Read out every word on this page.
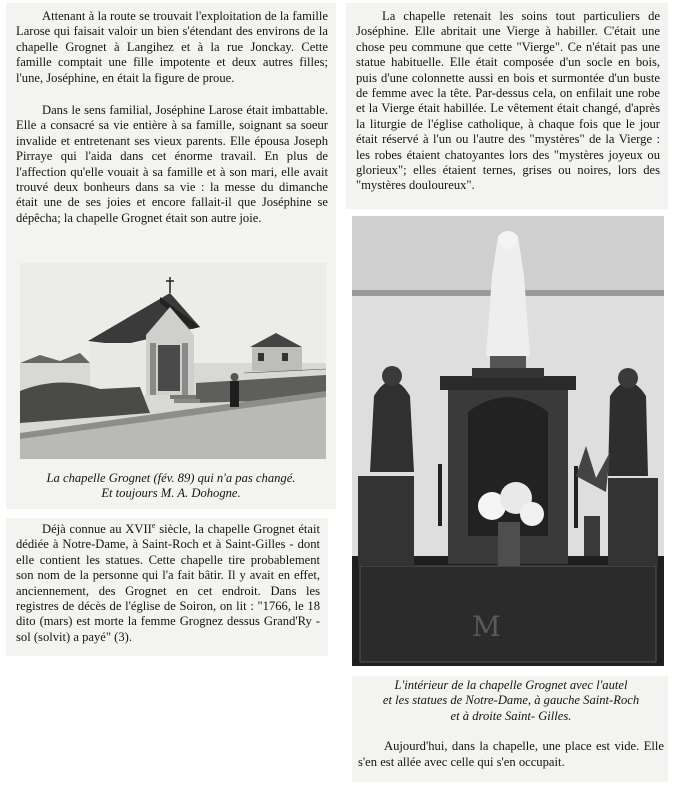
Attenant à la route se trouvait l'exploitation de la famille Larose qui faisait valoir un bien s'étendant des environs de la chapelle Grognet à Langihez et à la rue Jonckay. Cette famille comptait une fille impotente et deux autres filles; l'une, Joséphine, en était la figure de proue.

Dans le sens familial, Joséphine Larose était imbattable. Elle a consacré sa vie entière à sa famille, soignant sa soeur invalide et entretenant ses vieux parents. Elle épousa Joseph Pirraye qui l'aida dans cet énorme travail. En plus de l'affection qu'elle vouait à sa famille et à son mari, elle avait trouvé deux bonheurs dans sa vie : la messe du dimanche était une de ses joies et encore fallait-il que Joséphine se dépêcha; la chapelle Grognet était son autre joie.

La chapelle Grognet (fév. 89) qui n'a pas changé.

Et toujours M. A. Dohogne.

Déjà connue au XVIIe siècle, la chapelle Grognet était dédiée à Notre-Dame, à Saint-Roch et à Saint-Gilles - dont elle contient les statues. Cette chapelle tire probablement son nom de la personne qui l'a fait bâtir. Il y avait en effet, anciennement, des Grognet en cet endroit. Dans les registres de décès de l'église de Soiron, on lit : "1766, le 18 dito (mars) est morte la femme Grognez dessus Grand'Ry - sol (solvit) a payé" (3).

La chapelle retenait les soins tout particuliers de Joséphine. Elle abritait une Vierge à habiller. C'était une chose peu commune que cette "Vierge". Ce n'était pas une statue habituelle. Elle était composée d'un socle en bois, puis d'une colonnette aussi en bois et surmontée d'un buste de femme avec la tête. Par-dessus cela, on enfilait une robe et la Vierge était habillée. Le vêtement était changé, d'après la liturgie de l'église catholique, à chaque fois que le jour était réservé à l'un ou l'autre des "mystères" de la Vierge : les robes étaient chatoyantes lors des "mystères joyeux ou glorieux"; elles étaient ternes, grises ou noires, lors des "mystères douloureux".

M

L'intérieur de la chapelle Grognet avec l'autel

et les statues de Notre-Dame, à gauche Saint-Roch

et à droite Saint- Gilles.

Aujourd'hui, dans la chapelle, une place est vide. Elle s'en est allée avec celle qui s'en occupait.
